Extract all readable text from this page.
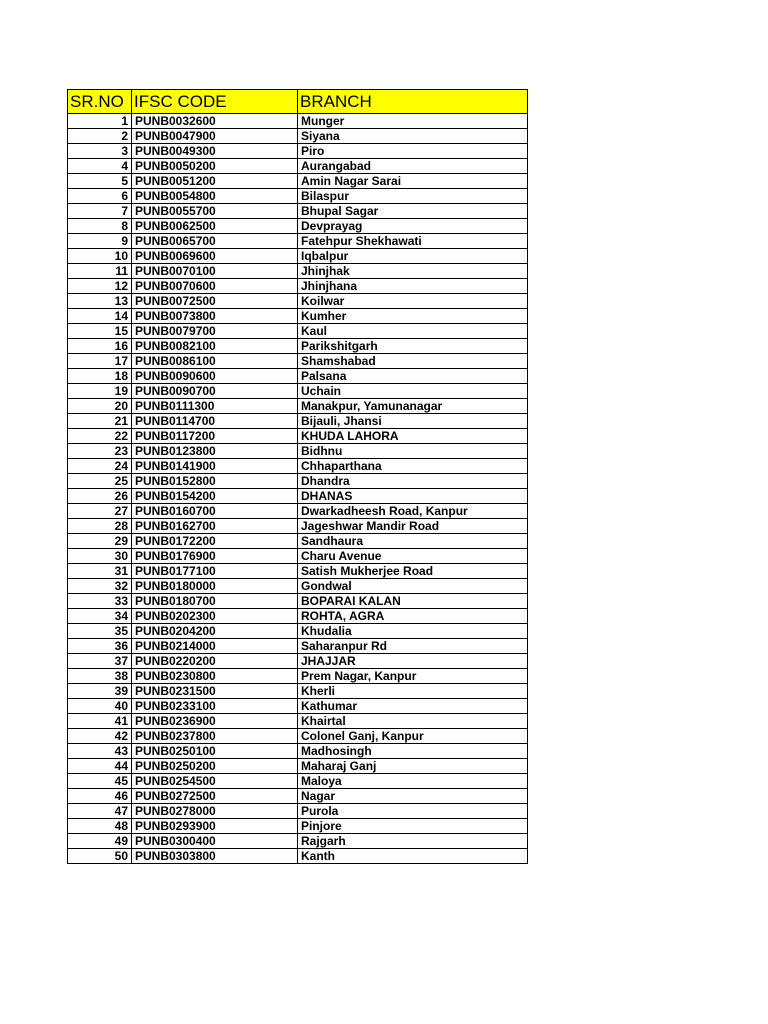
SR.NO	IFSC CODE	BRANCH
1	PUNB0032600	Munger
2	PUNB0047900	Siyana
3	PUNB0049300	Piro
4	PUNB0050200	Aurangabad
5	PUNB0051200	Amin Nagar Sarai
6	PUNB0054800	Bilaspur
7	PUNB0055700	Bhupal Sagar
8	PUNB0062500	Devprayag
9	PUNB0065700	Fatehpur Shekhawati
10	PUNB0069600	Iqbalpur
11	PUNB0070100	Jhinjhak
12	PUNB0070600	Jhinjhana
13	PUNB0072500	Koilwar
14	PUNB0073800	Kumher
15	PUNB0079700	Kaul
16	PUNB0082100	Parikshitgarh
17	PUNB0086100	Shamshabad
18	PUNB0090600	Palsana
19	PUNB0090700	Uchain
20	PUNB0111300	Manakpur, Yamunanagar
21	PUNB0114700	Bijauli, Jhansi
22	PUNB0117200	KHUDA LAHORA
23	PUNB0123800	Bidhnu
24	PUNB0141900	Chhaparthana
25	PUNB0152800	Dhandra
26	PUNB0154200	DHANAS
27	PUNB0160700	Dwarkadheesh Road, Kanpur
28	PUNB0162700	Jageshwar Mandir Road
29	PUNB0172200	Sandhaura
30	PUNB0176900	Charu Avenue
31	PUNB0177100	Satish Mukherjee Road
32	PUNB0180000	Gondwal
33	PUNB0180700	BOPARAI KALAN
34	PUNB0202300	ROHTA, AGRA
35	PUNB0204200	Khudalia
36	PUNB0214000	Saharanpur Rd
37	PUNB0220200	JHAJJAR
38	PUNB0230800	Prem Nagar, Kanpur
39	PUNB0231500	Kherli
40	PUNB0233100	Kathumar
41	PUNB0236900	Khairtal
42	PUNB0237800	Colonel Ganj, Kanpur
43	PUNB0250100	Madhosingh
44	PUNB0250200	Maharaj Ganj
45	PUNB0254500	Maloya
46	PUNB0272500	Nagar
47	PUNB0278000	Purola
48	PUNB0293900	Pinjore
49	PUNB0300400	Rajgarh
50	PUNB0303800	Kanth
